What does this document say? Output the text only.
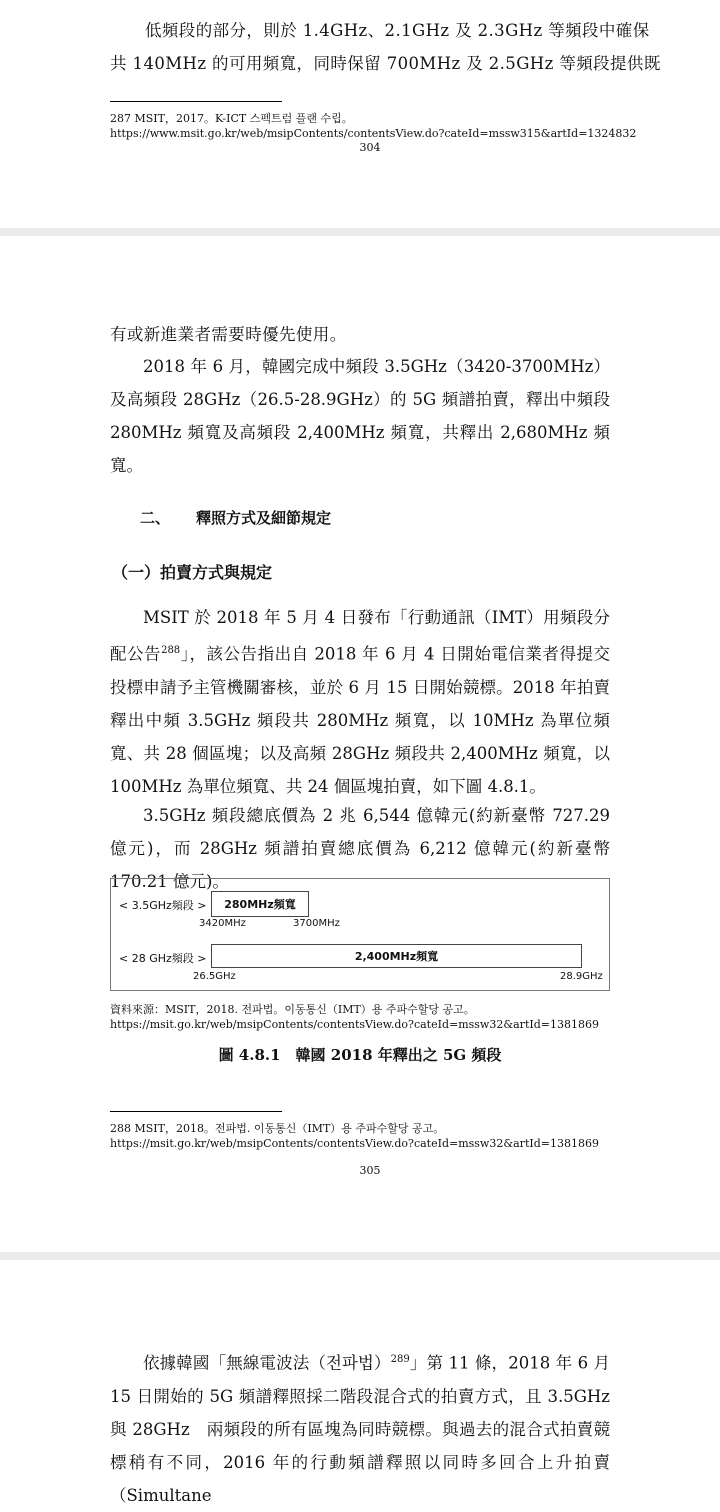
低頻段的部分，則於 1.4GHz、2.1GHz 及 2.3GHz 等頻段中確保
共 140MHz 的可用頻寬，同時保留 700MHz 及 2.5GHz 等頻段提供既
287 MSIT，2017。K-ICT 스펙트럼 플랜 수립。
https://www.msit.go.kr/web/msipContents/contentsView.do?cateId=mssw315&artId=1324832
304
有或新進業者需要時優先使用。
2018 年 6 月，韓國完成中頻段 3.5GHz（3420-3700MHz）及高頻段 28GHz（26.5-28.9GHz）的 5G 頻譜拍賣，釋出中頻段 280MHz 頻寬及高頻段 2,400MHz 頻寬，共釋出 2,680MHz 頻寬。
二、 釋照方式及細節規定
（一）拍賣方式與規定
MSIT 於 2018 年 5 月 4 日發布「行動通訊（IMT）用頻段分配公告$^{288}$」，該公告指出自 2018 年 6 月 4 日開始電信業者得提交投標申請予主管機關審核，並於 6 月 15 日開始競標。2018 年拍賣釋出中頻 3.5GHz 頻段共 280MHz 頻寬，以 10MHz 為單位頻寬、共 28 個區塊；以及高頻 28GHz 頻段共 2,400MHz 頻寬，以 100MHz 為單位頻寬、共 24 個區塊拍賣，如下圖 4.8.1。
3.5GHz 頻段總底價為 2 兆 6,544 億韓元(約新臺幣 727.29 億元)，而 28GHz 頻譜拍賣總底價為 6,212 億韓元(約新臺幣 170.21 億元)。
< 3.5GHz頻段 >	280MHz頻寬
3420MHz	3700MHz
< 28 GHz頻段 >	2,400MHz頻寬
26.5GHz	28.9GHz
資料來源：MSIT，2018. 전파법。이동통신（IMT）용 주파수할당 공고。
https://msit.go.kr/web/msipContents/contentsView.do?cateId=mssw32&artId=1381869
圖 4.8.1　韓國 2018 年釋出之 5G 頻段
288 MSIT，2018。전파법. 이동통신（IMT）용 주파수할당 공고。
https://msit.go.kr/web/msipContents/contentsView.do?cateId=mssw32&artId=1381869
305
依據韓國「無線電波法（전파법）$^{289}$」第 11 條，2018 年 6 月 15 日開始的 5G 頻譜釋照採二階段混合式的拍賣方式，且 3.5GHz 與 28GHz　兩頻段的所有區塊為同時競標。與過去的混合式拍賣競標稍有不同，2016 年的行動頻譜釋照以同時多回合上升拍賣（Simultane
